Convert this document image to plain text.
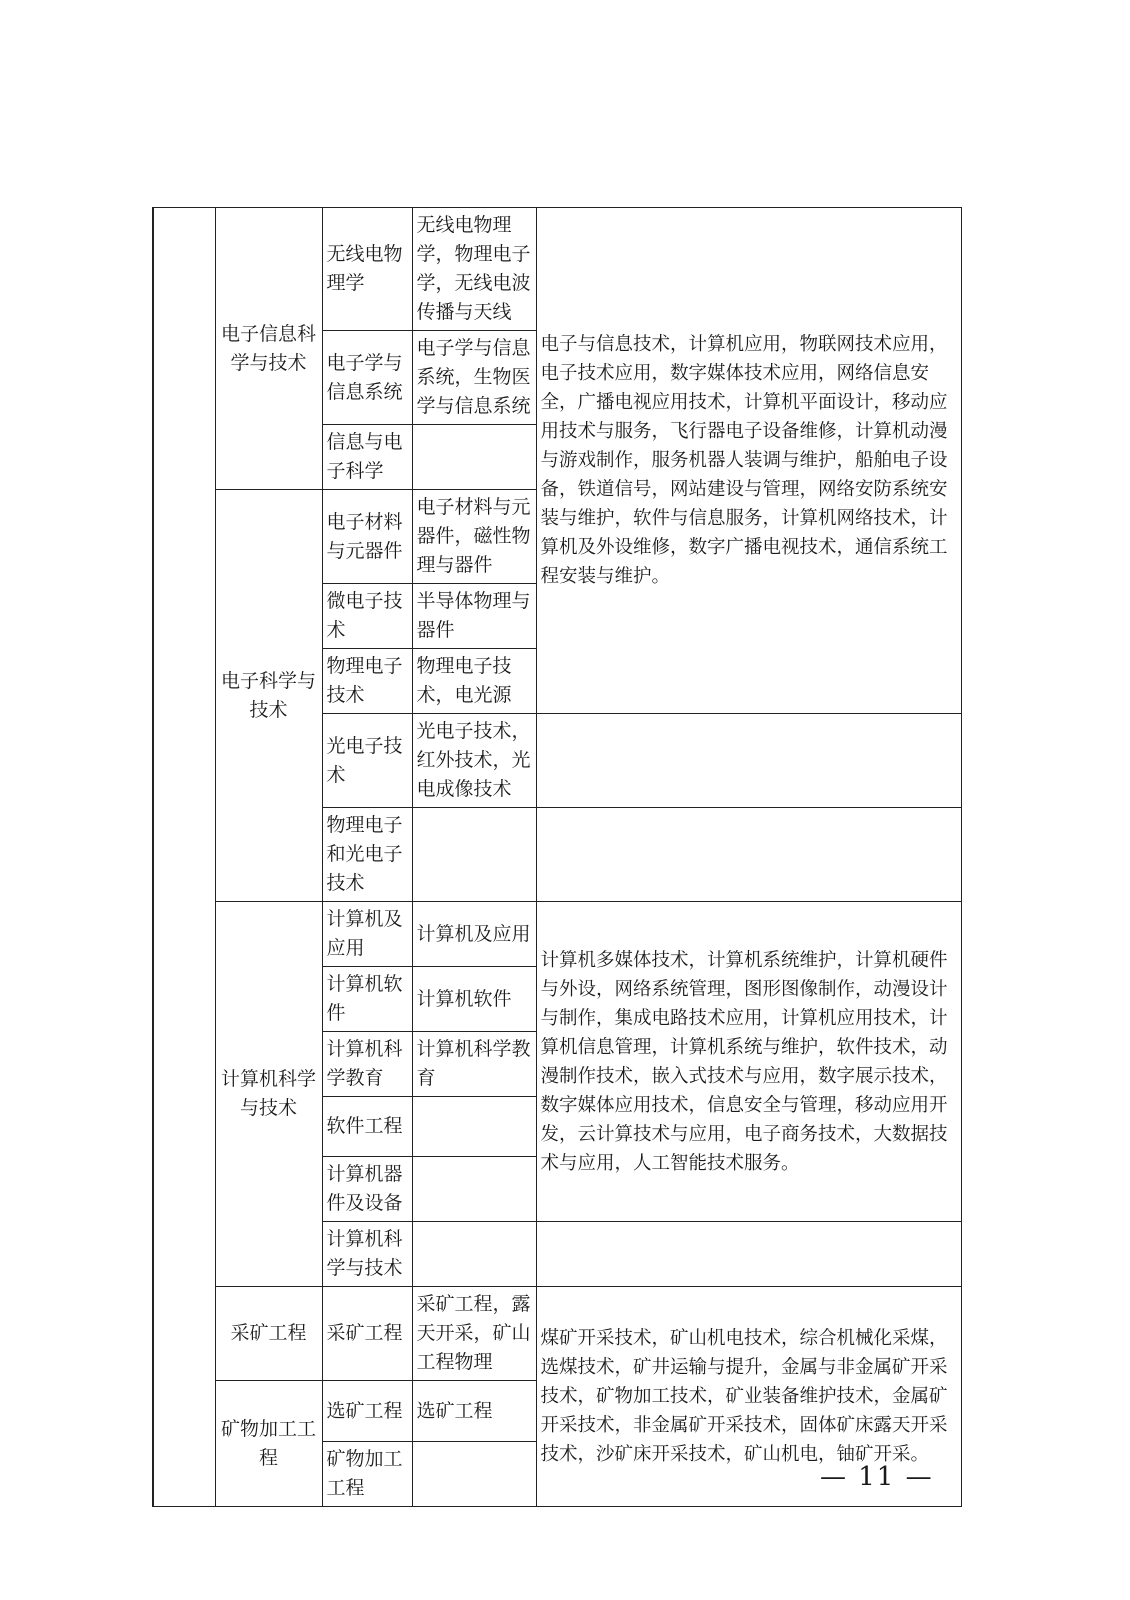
	电子信息科学与技术	无线电物理学	无线电物理学，物理电子学，无线电波传播与天线	电子与信息技术，计算机应用，物联网技术应用，电子技术应用，数字媒体技术应用，网络信息安全，广播电视应用技术，计算机平面设计，移动应用技术与服务，飞行器电子设备维修，计算机动漫与游戏制作，服务机器人装调与维护，船舶电子设备，铁道信号，网站建设与管理，网络安防系统安装与维护，软件与信息服务，计算机网络技术，计算机及外设维修，数字广播电视技术，通信系统工程安装与维护。
		电子学与信息系统	电子学与信息系统，生物医学与信息系统	
		信息与电子科学		
	电子科学与技术	电子材料与元器件	电子材料与元器件，磁性物理与器件	
		微电子技术	半导体物理与器件	
		物理电子技术	物理电子技术，电光源	
		光电子技术	光电子技术，红外技术，光电成像技术	
		物理电子和光电子技术		
	计算机科学与技术	计算机及应用	计算机及应用	计算机多媒体技术，计算机系统维护，计算机硬件与外设，网络系统管理，图形图像制作，动漫设计与制作，集成电路技术应用，计算机应用技术，计算机信息管理，计算机系统与维护，软件技术，动漫制作技术，嵌入式技术与应用，数字展示技术，数字媒体应用技术，信息安全与管理，移动应用开发，云计算技术与应用，电子商务技术，大数据技术与应用，人工智能技术服务。
		计算机软件	计算机软件	
		计算机科学教育	计算机科学教育	
		软件工程		
		计算机器件及设备		
		计算机科学与技术		
	采矿工程	采矿工程	采矿工程，露天开采，矿山工程物理	煤矿开采技术，矿山机电技术，综合机械化采煤，选煤技术，矿井运输与提升，金属与非金属矿开采技术，矿物加工技术，矿业装备维护技术，金属矿开采技术，非金属矿开采技术，固体矿床露天开采技术，沙矿床开采技术，矿山机电，铀矿开采。
	矿物加工工程	选矿工程	选矿工程	
		矿物加工工程			— 11 —
